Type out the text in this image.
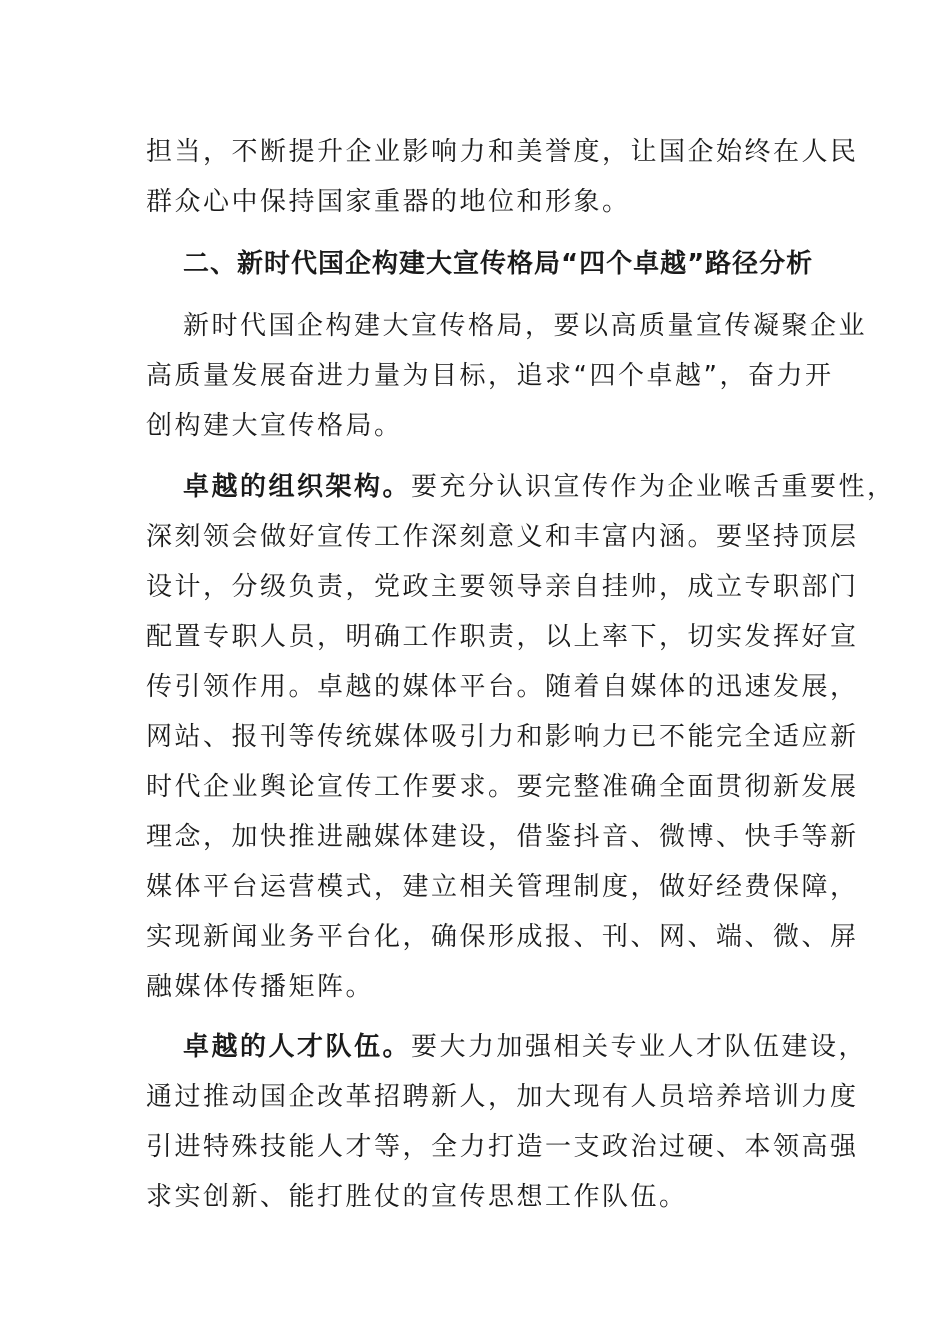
担当，不断提升企业影响力和美誉度，让国企始终在人民
群众心中保持国家重器的地位和形象。
二、新时代国企构建大宣传格局“四个卓越”路径分析
新时代国企构建大宣传格局，要以高质量宣传凝聚企业
高质量发展奋进力量为目标，追求“四个卓越”，奋力开
创构建大宣传格局。
卓越的组织架构。要充分认识宣传作为企业喉舌重要性，
深刻领会做好宣传工作深刻意义和丰富内涵。要坚持顶层
设计，分级负责，党政主要领导亲自挂帅，成立专职部门
配置专职人员，明确工作职责，以上率下，切实发挥好宣
传引领作用。卓越的媒体平台。随着自媒体的迅速发展，
网站、报刊等传统媒体吸引力和影响力已不能完全适应新
时代企业舆论宣传工作要求。要完整准确全面贯彻新发展
理念，加快推进融媒体建设，借鉴抖音、微博、快手等新
媒体平台运营模式，建立相关管理制度，做好经费保障，
实现新闻业务平台化，确保形成报、刊、网、端、微、屏
融媒体传播矩阵。
卓越的人才队伍。要大力加强相关专业人才队伍建设，
通过推动国企改革招聘新人，加大现有人员培养培训力度
引进特殊技能人才等，全力打造一支政治过硬、本领高强
求实创新、能打胜仗的宣传思想工作队伍。
